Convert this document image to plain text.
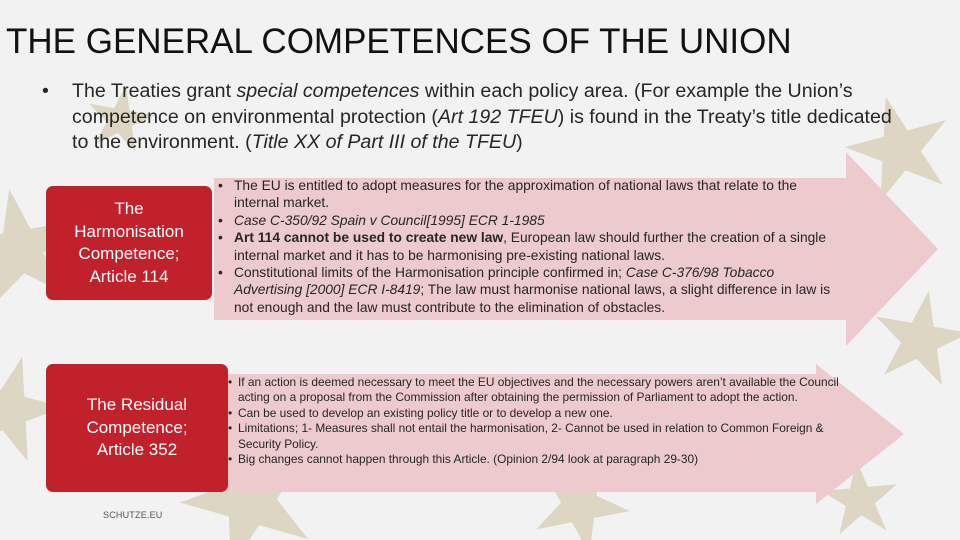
THE GENERAL COMPETENCES OF THE UNION
• The Treaties grant special competences within each policy area. (For example the Union’s competence on environmental protection (Art 192 TFEU) is found in the Treaty’s title dedicated to the environment. (Title XX of Part III of the TFEU)
The
Harmonisation
Competence;
Article 114
• The EU is entitled to adopt measures for the approximation of national laws that relate to the internal market.
• Case C-350/92 Spain v Council[1995] ECR 1-1985
• Art 114 cannot be used to create new law, European law should further the creation of a single internal market and it has to be harmonising pre-existing national laws.
• Constitutional limits of the Harmonisation principle confirmed in; Case C-376/98 Tobacco Advertising [2000] ECR I-8419; The law must harmonise national laws, a slight difference in law is not enough and the law must contribute to the elimination of obstacles.
The Residual
Competence;
Article 352
• If an action is deemed necessary to meet the EU objectives and the necessary powers aren’t available the Council acting on a proposal from the Commission after obtaining the permission of Parliament to adopt the action.
• Can be used to develop an existing policy title or to develop a new one.
• Limitations; 1- Measures shall not entail the harmonisation, 2- Cannot be used in relation to Common Foreign & Security Policy.
• Big changes cannot happen through this Article. (Opinion 2/94 look at paragraph 29-30)
SCHUTZE.EU
